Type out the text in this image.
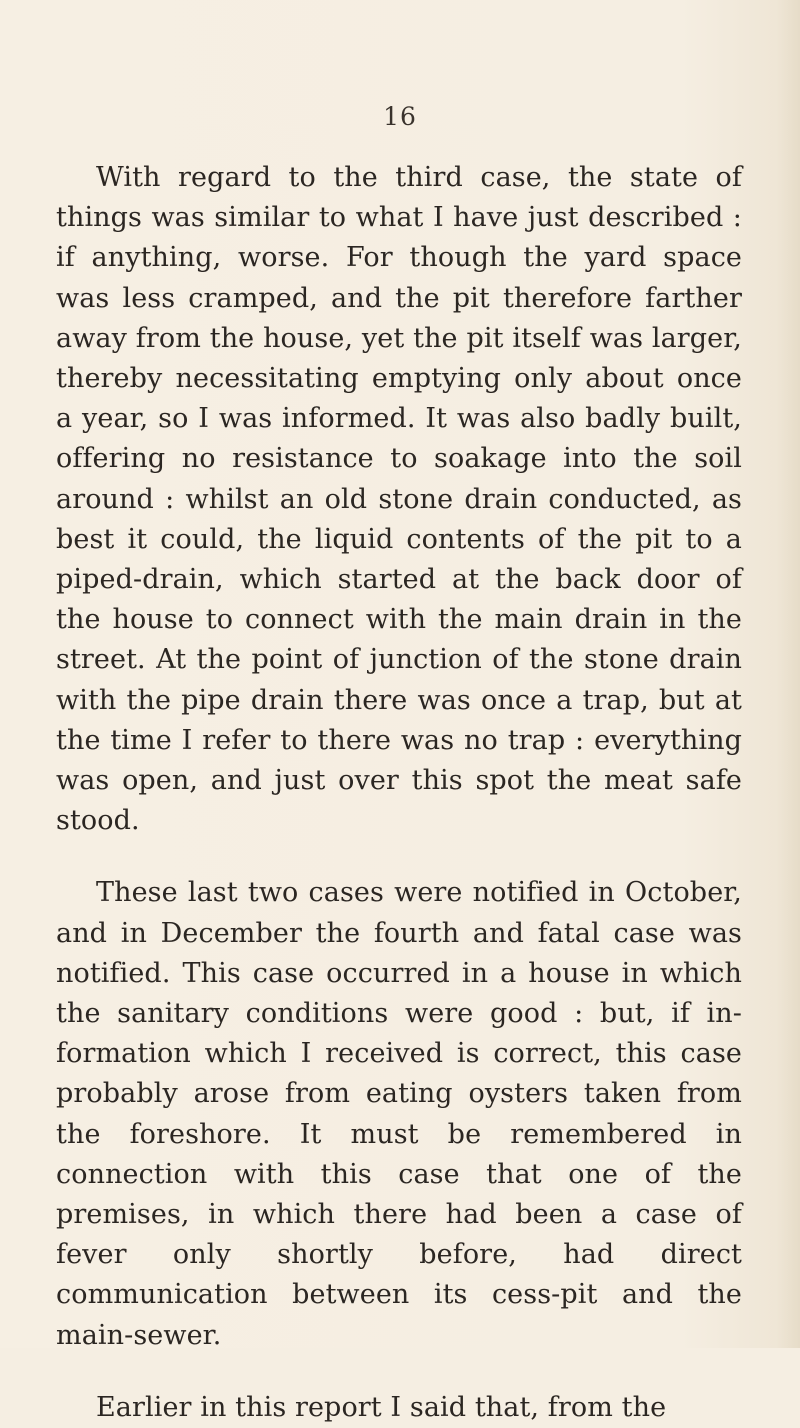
16

With regard to the third case, the state of things was similar to what I have just described : if anything, worse. For though the yard space was less cramped, and the pit therefore farther away from the house, yet the pit itself was larger, thereby necessitating emptying only about once a year, so I was informed. It was also badly built, offering no resistance to soakage into the soil around : whilst an old stone drain conducted, as best it could, the liquid contents of the pit to a piped-drain, which started at the back door of the house to connect with the main drain in the street. At the point of junction of the stone drain with the pipe drain there was once a trap, but at the time I refer to there was no trap : everything was open, and just over this spot the meat safe stood.

These last two cases were notified in October, and in December the fourth and fatal case was notified. This case occurred in a house in which the sanitary conditions were good : but, if in- formation which I received is correct, this case probably arose from eating oysters taken from the foreshore. It must be remembered in connection with this case that one of the premises, in which there had been a case of fever only shortly before, had direct communication between its cess-pit and the main-sewer.

Earlier in this report I said that, from the
